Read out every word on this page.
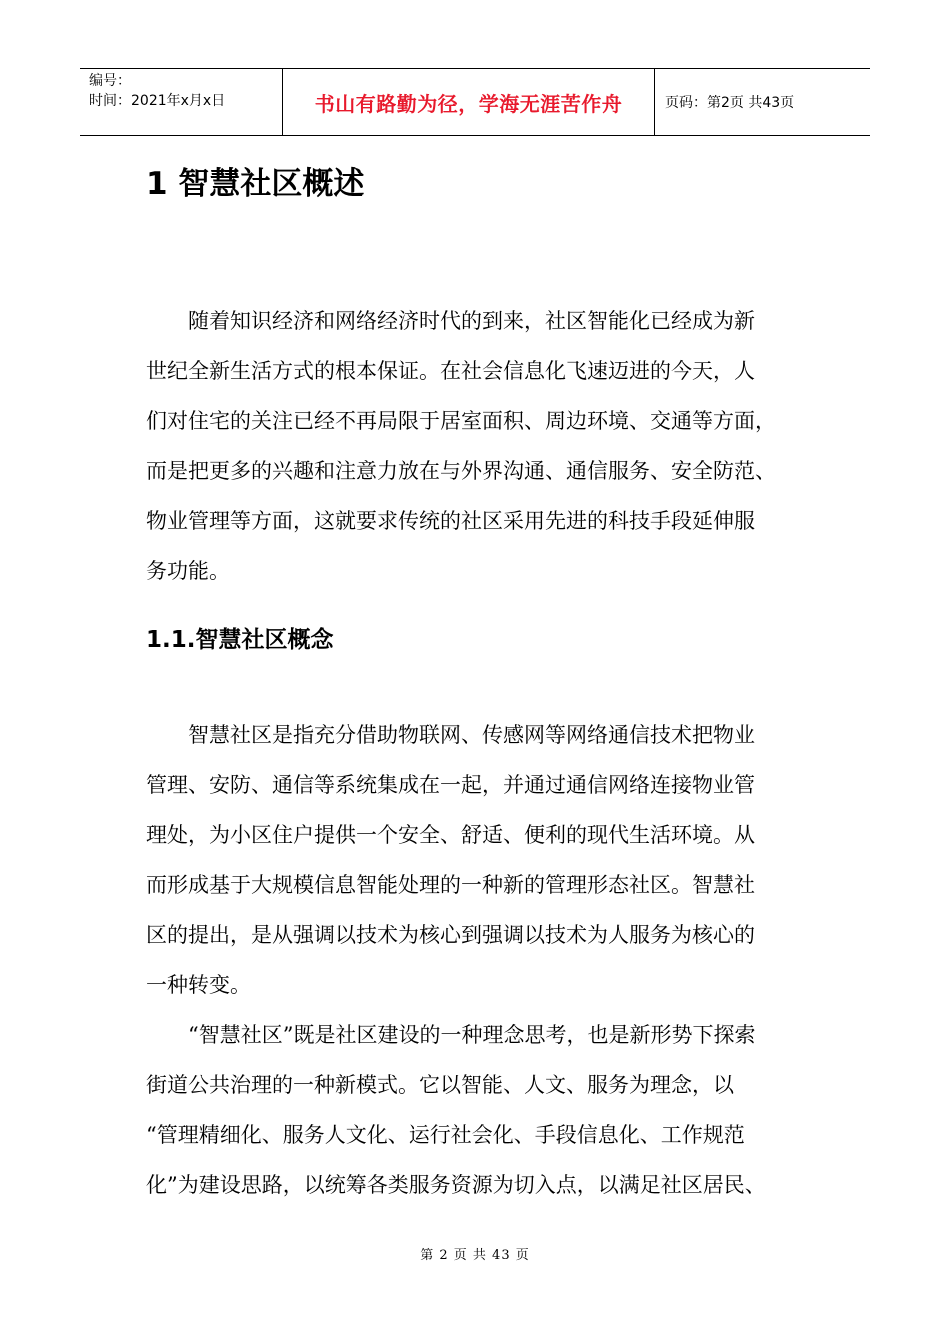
编号：
时间：2021年x月x日	书山有路勤为径，学海无涯苦作舟	页码：第2页 共43页
1 智慧社区概述
　　随着知识经济和网络经济时代的到来，社区智能化已经成为新
世纪全新生活方式的根本保证。在社会信息化飞速迈进的今天，人
们对住宅的关注已经不再局限于居室面积、周边环境、交通等方面，
而是把更多的兴趣和注意力放在与外界沟通、通信服务、安全防范、
物业管理等方面，这就要求传统的社区采用先进的科技手段延伸服
务功能。
1.1.智慧社区概念
　　智慧社区是指充分借助物联网、传感网等网络通信技术把物业
管理、安防、通信等系统集成在一起，并通过通信网络连接物业管
理处，为小区住户提供一个安全、舒适、便利的现代生活环境。从
而形成基于大规模信息智能处理的一种新的管理形态社区。智慧社
区的提出，是从强调以技术为核心到强调以技术为人服务为核心的
一种转变。
　　“智慧社区”既是社区建设的一种理念思考，也是新形势下探索
街道公共治理的一种新模式。它以智能、人文、服务为理念，以
“管理精细化、服务人文化、运行社会化、手段信息化、工作规范
化”为建设思路，以统筹各类服务资源为切入点，以满足社区居民、
第 2 页 共 43 页
